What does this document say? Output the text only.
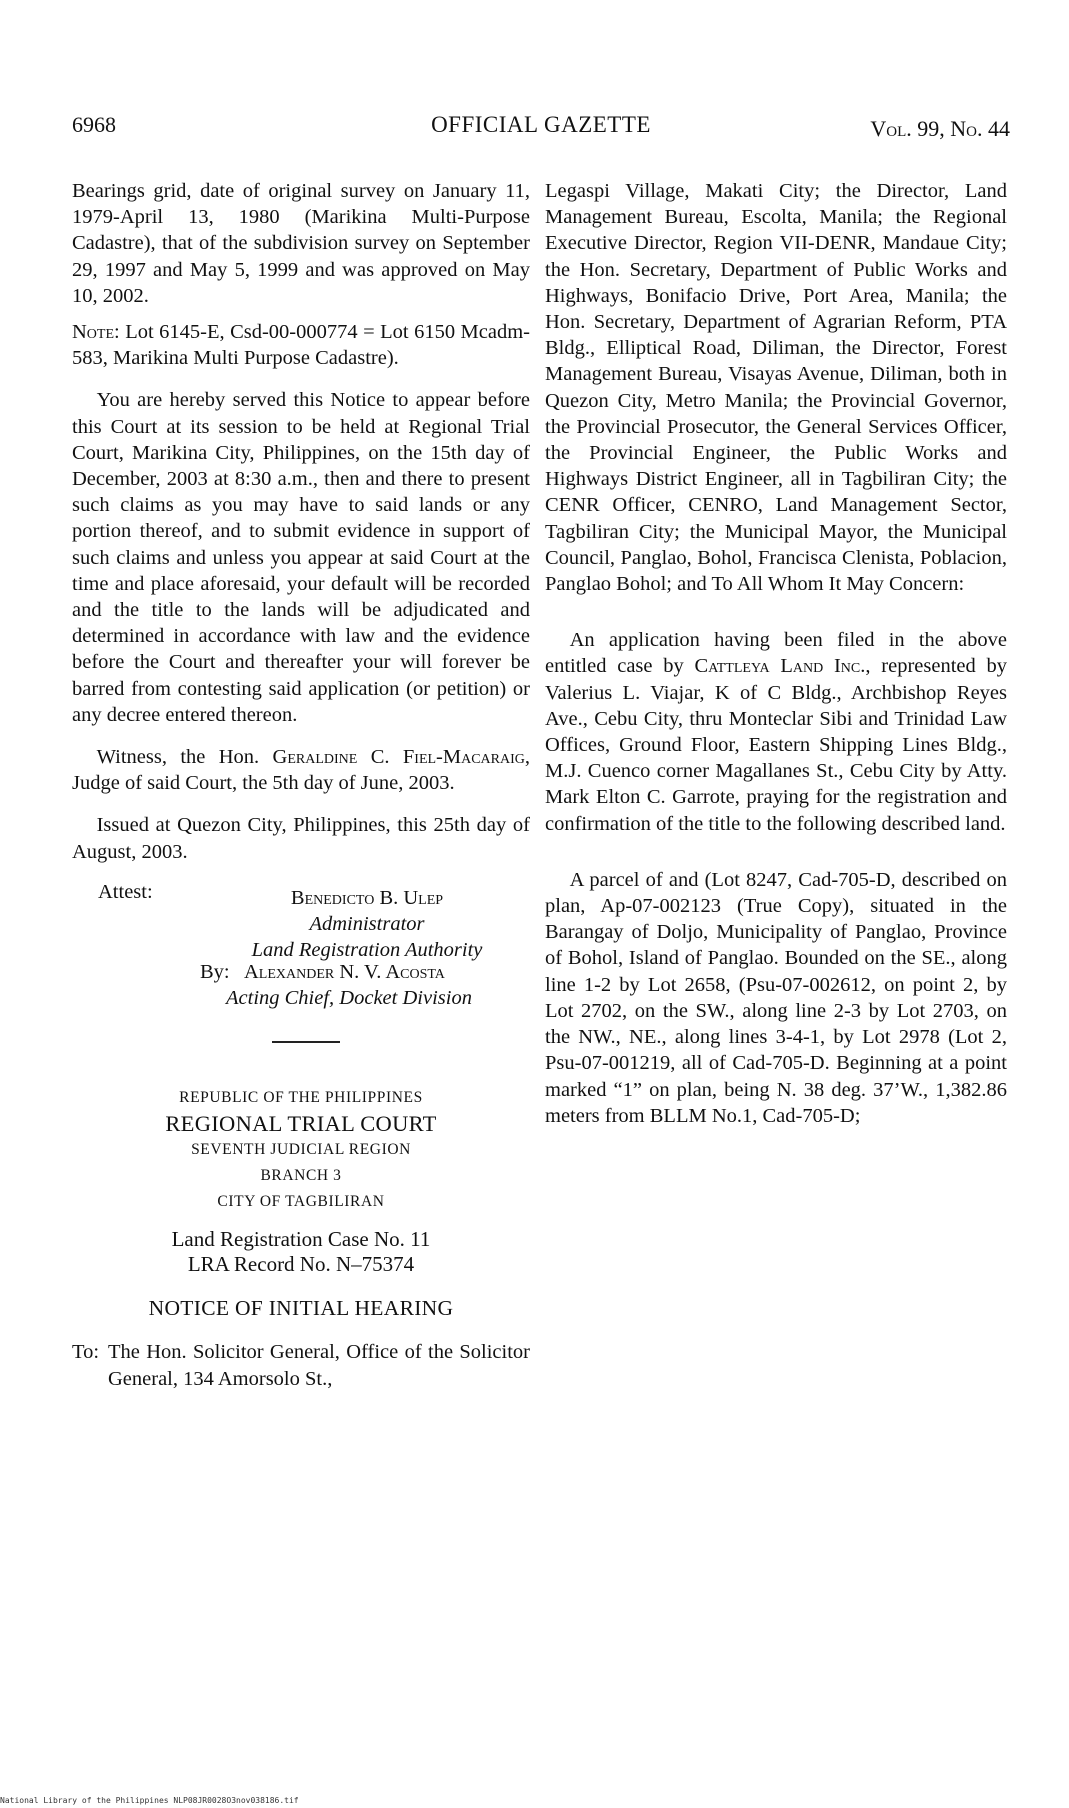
6968	OFFICIAL GAZETTE	Vol. 99, No. 44

Bearings grid, date of original survey on January 11, 1979-April 13, 1980 (Marikina Multi-Purpose Cadastre), that of the subdivision survey on September 29, 1997 and May 5, 1999 and was approved on May 10, 2002.

Note: Lot 6145-E, Csd-00-000774 = Lot 6150 Mcadm-583, Marikina Multi Purpose Cadastre).

You are hereby served this Notice to appear before this Court at its session to be held at Regional Trial Court, Marikina City, Philippines, on the 15th day of December, 2003 at 8:30 a.m., then and there to present such claims as you may have to said lands or any portion thereof, and to submit evidence in support of such claims and unless you appear at said Court at the time and place aforesaid, your default will be recorded and the title to the lands will be adjudicated and determined in accordance with law and the evidence before the Court and thereafter your will forever be barred from contesting said application (or petition) or any decree entered thereon.

Witness, the Hon. Geraldine C. Fiel-Macaraig, Judge of said Court, the 5th day of June, 2003.

Issued at Quezon City, Philippines, this 25th day of August, 2003.

Attest:	Benedicto B. Ulep
Administrator
Land Registration Authority
By: Alexander N. V. Acosta
Acting Chief, Docket Division
REPUBLIC OF THE PHILIPPINES
REGIONAL TRIAL COURT
SEVENTH JUDICIAL REGION
BRANCH 3
CITY OF TAGBILIRAN
Land Registration Case No. 11
LRA Record No. N–75374
NOTICE OF INITIAL HEARING
To: The Hon. Solicitor General, Office of the Solicitor General, 134 Amorsolo St.,

Legaspi Village, Makati City; the Director, Land Management Bureau, Escolta, Manila; the Regional Executive Director, Region VII-DENR, Mandaue City; the Hon. Secretary, Department of Public Works and Highways, Bonifacio Drive, Port Area, Manila; the Hon. Secretary, Department of Agrarian Reform, PTA Bldg., Elliptical Road, Diliman, the Director, Forest Management Bureau, Visayas Avenue, Diliman, both in Quezon City, Metro Manila; the Provincial Governor, the Provincial Prosecutor, the General Services Officer, the Provincial Engineer, the Public Works and Highways District Engineer, all in Tagbiliran City; the CENR Officer, CENRO, Land Management Sector, Tagbiliran City; the Municipal Mayor, the Municipal Council, Panglao, Bohol, Francisca Clenista, Poblacion, Panglao Bohol; and To All Whom It May Concern:

An application having been filed in the above entitled case by Cattleya Land Inc., represented by Valerius L. Viajar, K of C Bldg., Archbishop Reyes Ave., Cebu City, thru Monteclar Sibi and Trinidad Law Offices, Ground Floor, Eastern Shipping Lines Bldg., M.J. Cuenco corner Magallanes St., Cebu City by Atty. Mark Elton C. Garrote, praying for the registration and confirmation of the title to the following described land.

A parcel of and (Lot 8247, Cad-705-D, described on plan, Ap-07-002123 (True Copy), situated in the Barangay of Doljo, Municipality of Panglao, Province of Bohol, Island of Panglao. Bounded on the SE., along line 1-2 by Lot 2658, (Psu-07-002612, on point 2, by Lot 2702, on the SW., along line 2-3 by Lot 2703, on the NW., NE., along lines 3-4-1, by Lot 2978 (Lot 2, Psu-07-001219, all of Cad-705-D. Beginning at a point marked “1” on plan, being N. 38 deg. 37’W., 1,382.86 meters from BLLM No.1, Cad-705-D;

National Library of the Philippines NLP08JR0028O3nov038186.tif
